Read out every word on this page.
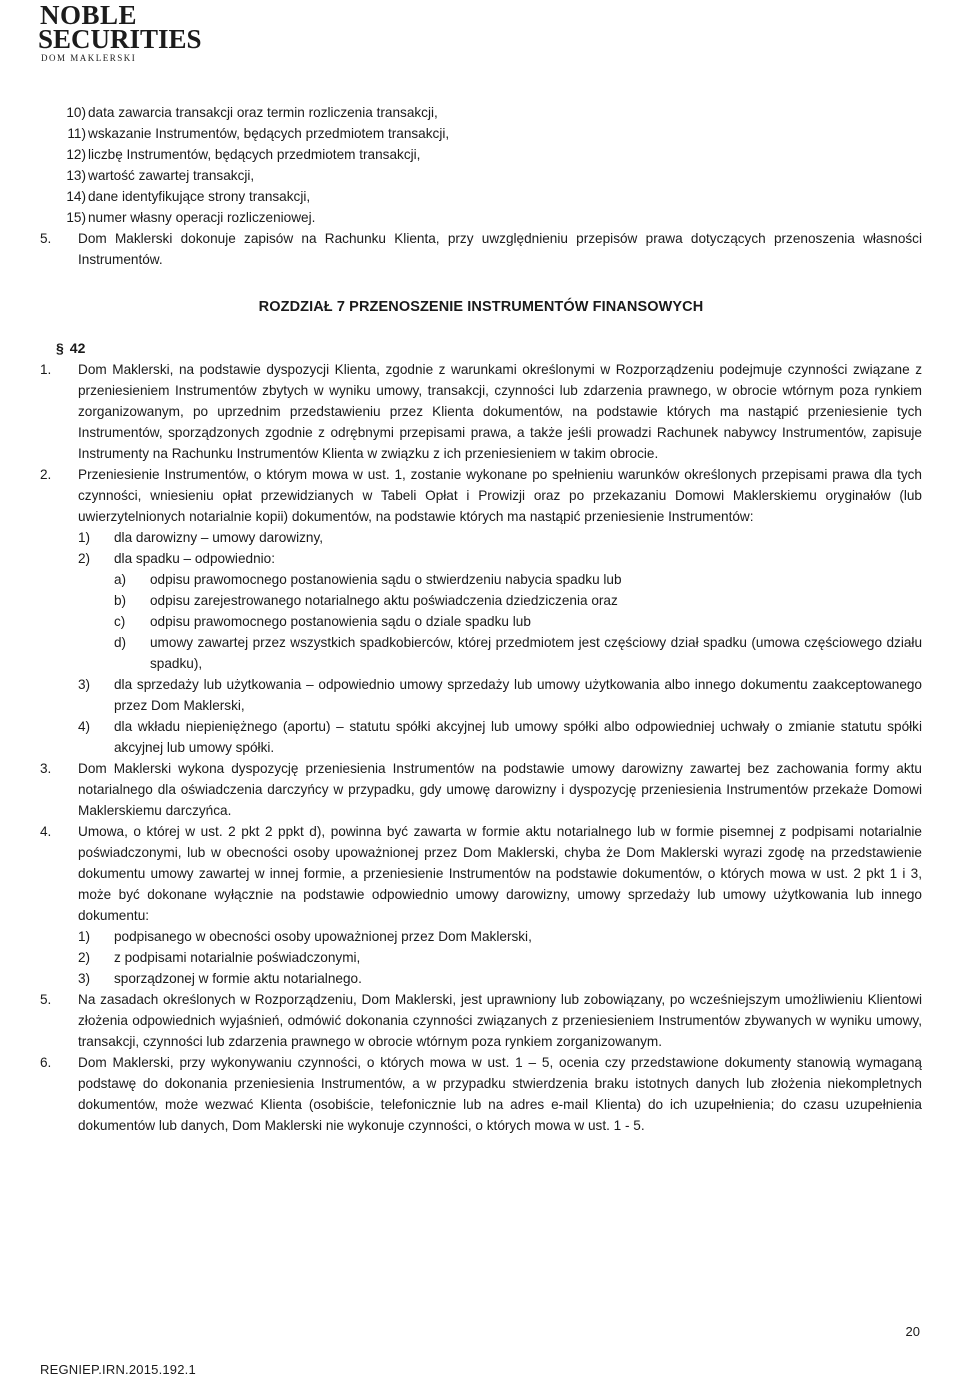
NOBLE
SECURITIES
DOM MAKLERSKI
10) data zawarcia transakcji oraz termin rozliczenia transakcji,
11) wskazanie Instrumentów, będących przedmiotem transakcji,
12) liczbę Instrumentów, będących przedmiotem transakcji,
13) wartość zawartej transakcji,
14) dane identyfikujące strony transakcji,
15) numer własny operacji rozliczeniowej.
5.	Dom Maklerski dokonuje zapisów na Rachunku Klienta, przy uwzględnieniu przepisów prawa dotyczących przenoszenia własności Instrumentów.
ROZDZIAŁ 7 PRZENOSZENIE INSTRUMENTÓW FINANSOWYCH
§ 42
1.	Dom Maklerski, na podstawie dyspozycji Klienta, zgodnie z warunkami określonymi w Rozporządzeniu podejmuje czynności związane z przeniesieniem Instrumentów zbytych w wyniku umowy, transakcji, czynności lub zdarzenia prawnego, w obrocie wtórnym poza rynkiem zorganizowanym, po uprzednim przedstawieniu przez Klienta dokumentów, na podstawie których ma nastąpić przeniesienie tych Instrumentów, sporządzonych zgodnie z odrębnymi przepisami prawa, a także jeśli prowadzi Rachunek nabywcy Instrumentów, zapisuje Instrumenty na Rachunku Instrumentów Klienta w związku z ich przeniesieniem w takim obrocie.
2.	Przeniesienie Instrumentów, o którym mowa w ust. 1, zostanie wykonane po spełnieniu warunków określonych przepisami prawa dla tych czynności, wniesieniu opłat przewidzianych w Tabeli Opłat i Prowizji oraz po przekazaniu Domowi Maklerskiemu oryginałów (lub uwierzytelnionych notarialnie kopii) dokumentów, na podstawie których ma nastąpić przeniesienie Instrumentów:
1)	dla darowizny – umowy darowizny,
2)	dla spadku – odpowiednio:
a)	odpisu prawomocnego postanowienia sądu o stwierdzeniu nabycia spadku lub
b)	odpisu zarejestrowanego notarialnego aktu poświadczenia dziedziczenia oraz
c)	odpisu prawomocnego postanowienia sądu o dziale spadku lub
d)	umowy zawartej przez wszystkich spadkobierców, której przedmiotem jest częściowy dział spadku (umowa częściowego działu spadku),
3)	dla sprzedaży lub użytkowania – odpowiednio umowy sprzedaży lub umowy użytkowania albo innego dokumentu zaakceptowanego przez Dom Maklerski,
4)	dla wkładu niepieniężnego (aportu) – statutu spółki akcyjnej lub umowy spółki albo odpowiedniej uchwały o zmianie statutu spółki akcyjnej lub umowy spółki.
3.	Dom Maklerski wykona dyspozycję przeniesienia Instrumentów na podstawie umowy darowizny zawartej bez zachowania formy aktu notarialnego dla oświadczenia darczyńcy w przypadku, gdy umowę darowizny i dyspozycję przeniesienia Instrumentów przekaże Domowi Maklerskiemu darczyńca.
4.	Umowa, o której w ust. 2 pkt 2 ppkt d), powinna być zawarta w formie aktu notarialnego lub w formie pisemnej z podpisami notarialnie poświadczonymi, lub w obecności osoby upoważnionej przez Dom Maklerski, chyba że Dom Maklerski wyrazi zgodę na przedstawienie dokumentu umowy zawartej w innej formie, a przeniesienie Instrumentów na podstawie dokumentów, o których mowa w ust. 2 pkt 1 i 3, może być dokonane wyłącznie na podstawie odpowiednio umowy darowizny, umowy sprzedaży lub umowy użytkowania lub innego dokumentu:
1)	podpisanego w obecności osoby upoważnionej przez Dom Maklerski,
2)	z podpisami notarialnie poświadczonymi,
3)	sporządzonej w formie aktu notarialnego.
5.	Na zasadach określonych w Rozporządzeniu, Dom Maklerski, jest uprawniony lub zobowiązany, po wcześniejszym umożliwieniu Klientowi złożenia odpowiednich wyjaśnień, odmówić dokonania czynności związanych z przeniesieniem Instrumentów zbywanych w wyniku umowy, transakcji, czynności lub zdarzenia prawnego w obrocie wtórnym poza rynkiem zorganizowanym.
6.	Dom Maklerski, przy wykonywaniu czynności, o których mowa w ust. 1 – 5, ocenia czy przedstawione dokumenty stanowią wymaganą podstawę do dokonania przeniesienia Instrumentów, a w przypadku stwierdzenia braku istotnych danych lub złożenia niekompletnych dokumentów, może wezwać Klienta (osobiście, telefonicznie lub na adres e-mail Klienta) do ich uzupełnienia; do czasu uzupełnienia dokumentów lub danych, Dom Maklerski nie wykonuje czynności, o których mowa w ust. 1 - 5.
20
REGNIEP.IRN.2015.192.1
